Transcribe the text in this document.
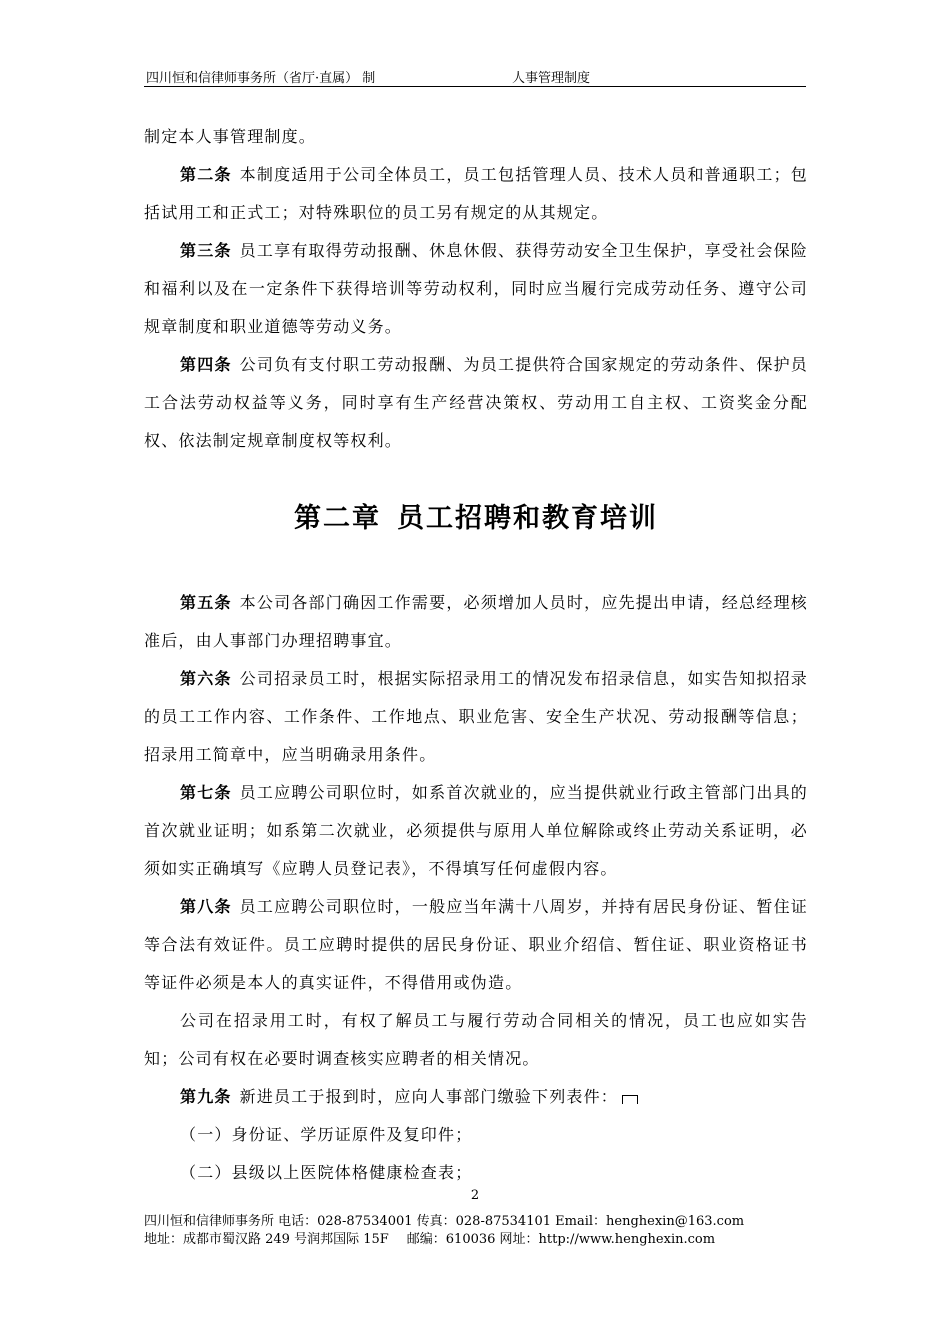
四川恒和信律师事务所（省厅·直属） 制	人事管理制度

制定本人事管理制度。

第二条 本制度适用于公司全体员工，员工包括管理人员、技术人员和普通职工；包括试用工和正式工；对特殊职位的员工另有规定的从其规定。

第三条 员工享有取得劳动报酬、休息休假、获得劳动安全卫生保护，享受社会保险和福利以及在一定条件下获得培训等劳动权利，同时应当履行完成劳动任务、遵守公司规章制度和职业道德等劳动义务。

第四条 公司负有支付职工劳动报酬、为员工提供符合国家规定的劳动条件、保护员工合法劳动权益等义务，同时享有生产经营决策权、劳动用工自主权、工资奖金分配权、依法制定规章制度权等权利。

第二章 员工招聘和教育培训

第五条 本公司各部门确因工作需要，必须增加人员时，应先提出申请，经总经理核准后，由人事部门办理招聘事宜。

第六条 公司招录员工时，根据实际招录用工的情况发布招录信息，如实告知拟招录的员工工作内容、工作条件、工作地点、职业危害、安全生产状况、劳动报酬等信息；招录用工简章中，应当明确录用条件。

第七条 员工应聘公司职位时，如系首次就业的，应当提供就业行政主管部门出具的首次就业证明；如系第二次就业，必须提供与原用人单位解除或终止劳动关系证明，必须如实正确填写《应聘人员登记表》，不得填写任何虚假内容。

第八条 员工应聘公司职位时，一般应当年满十八周岁，并持有居民身份证、暂住证等合法有效证件。员工应聘时提供的居民身份证、职业介绍信、暂住证、职业资格证书等证件必须是本人的真实证件，不得借用或伪造。

公司在招录用工时，有权了解员工与履行劳动合同相关的情况，员工也应如实告知；公司有权在必要时调查核实应聘者的相关情况。

第九条 新进员工于报到时，应向人事部门缴验下列表件：

（一）身份证、学历证原件及复印件；

（二）县级以上医院体格健康检查表；

2
四川恒和信律师事务所 电话：028-87534001 传真：028-87534101 Email：henghexin@163.com
地址：成都市蜀汉路 249 号润邦国际 15F 邮编：610036 网址：http://www.henghexin.com
